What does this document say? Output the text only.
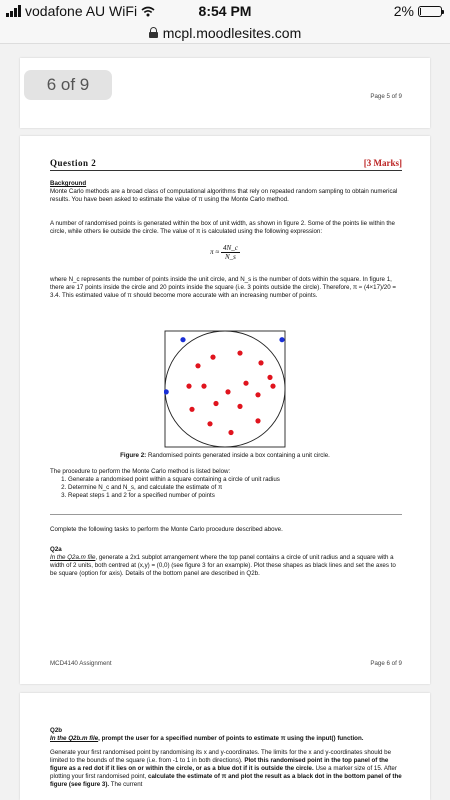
vodafone AU WiFi	8:54 PM	2%
mcpl.moodlesites.com
6 of 9
Page 5 of 9
Question 2	[3 Marks]
Background
Monte Carlo methods are a broad class of computational algorithms that rely on repeated random sampling to obtain numerical results. You have been asked to estimate the value of π using the Monte Carlo method.
A number of randomised points is generated within the box of unit width, as shown in figure 2. Some of the points lie within the circle, while others lie outside the circle. The value of π is calculated using the following expression:
$\pi \approx \frac{4N\_c}{N\_s}$
where N_c represents the number of points inside the unit circle, and N_s is the number of dots within the square. In figure 1, there are 17 points inside the circle and 20 points inside the square (i.e. 3 points outside the circle). Therefore, π ≈ (4×17)/20 = 3.4. This estimated value of π should become more accurate with an increasing number of points.
Figure 2: Randomised points generated inside a box containing a unit circle.
The procedure to perform the Monte Carlo method is listed below:
1. Generate a randomised point within a square containing a circle of unit radius
2. Determine N_c and N_s, and calculate the estimate of π
3. Repeat steps 1 and 2 for a specified number of points
Complete the following tasks to perform the Monte Carlo procedure described above.
Q2a
In the Q2a.m file, generate a 2x1 subplot arrangement where the top panel contains a circle of unit radius and a square with a width of 2 units, both centred at (x,y) = (0,0) (see figure 3 for an example). Plot these shapes as black lines and set the axes to be square (option for axis). Details of the bottom panel are described in Q2b.
MCD4140 Assignment	Page 6 of 9
Q2b
In the Q2b.m file, prompt the user for a specified number of points to estimate π using the input() function.
Generate your first randomised point by randomising its x and y-coordinates. The limits for the x and y-coordinates should be limited to the bounds of the square (i.e. from -1 to 1 in both directions). Plot this randomised point in the top panel of the figure as a red dot if it lies on or within the circle, or as a blue dot if it is outside the circle. Use a marker size of 15. After plotting your first randomised point, calculate the estimate of π and plot the result as a black dot in the bottom panel of the figure (see figure 3). The current
